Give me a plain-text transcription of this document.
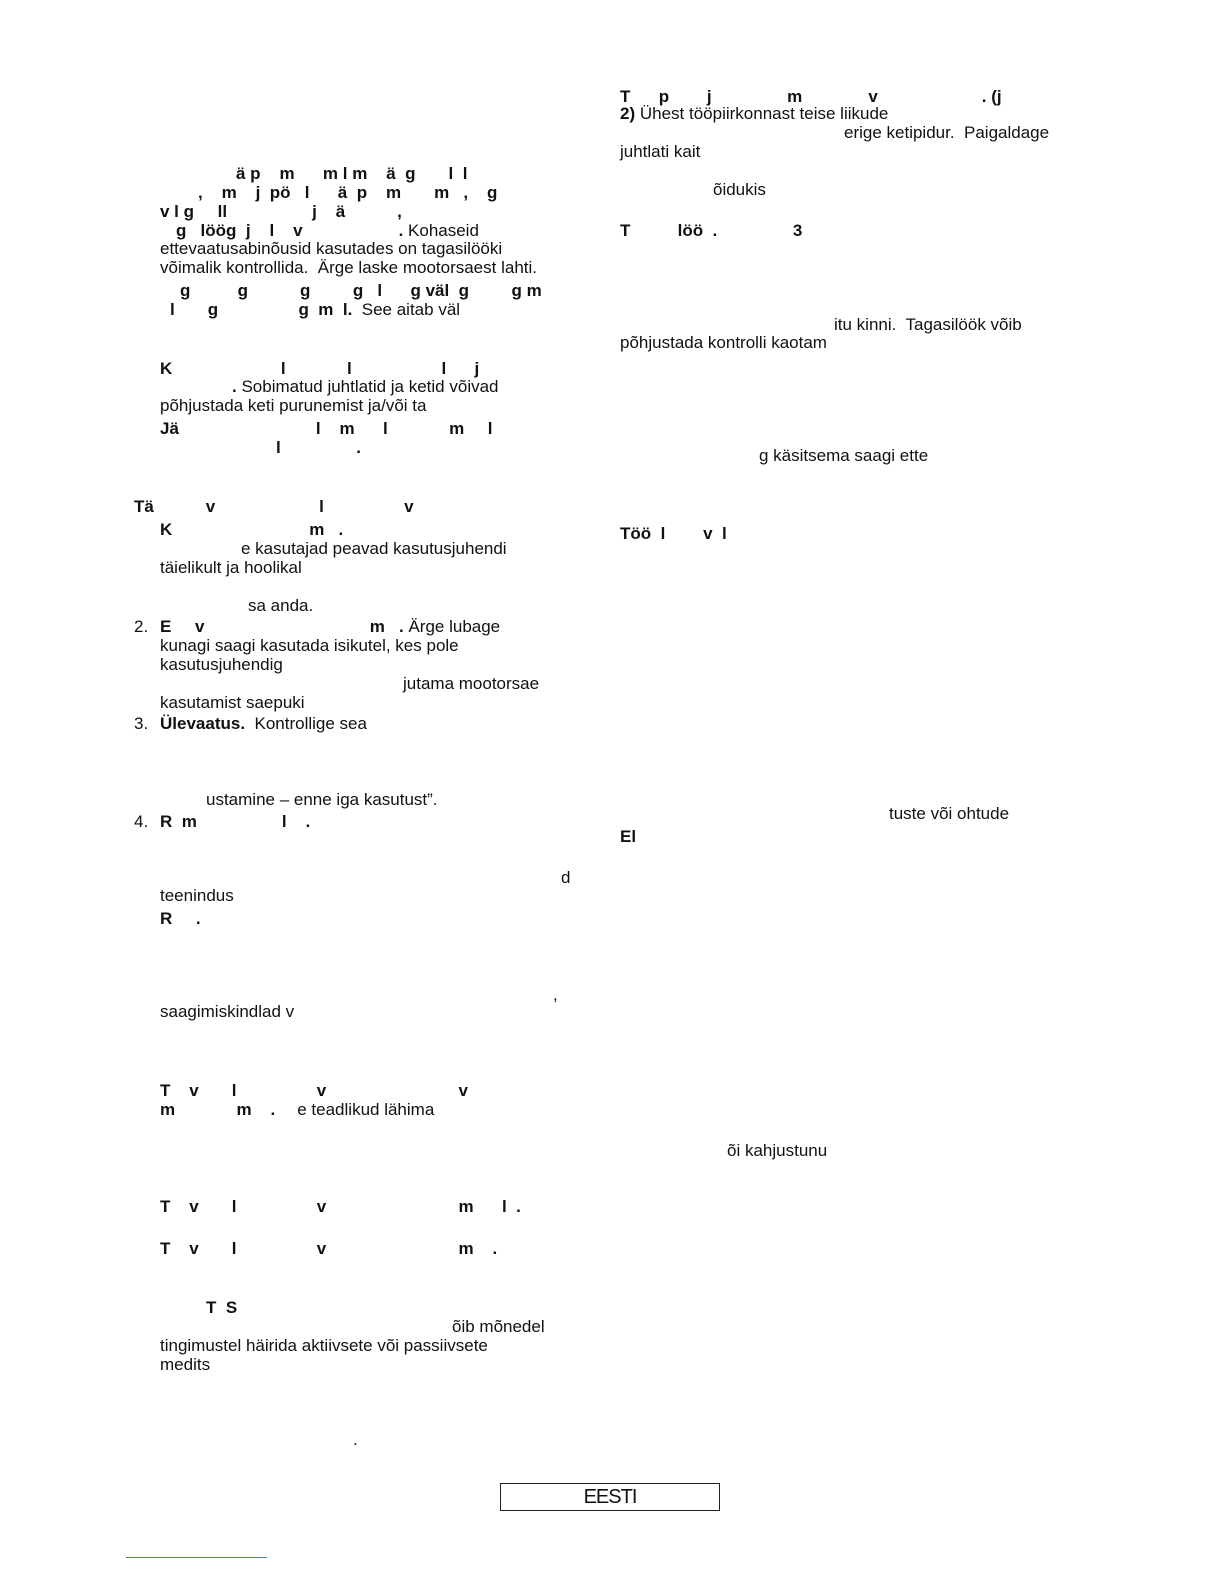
ä p    m      m l m    ä  g       l  l
,    m    j  pö   l      ä  p    m       m   ,    g
v l g     ll                  j    ä           ,
g   löög  j    l    v	. Kohaseid
ettevaatusabinõusid kasutades on tagasilööki
võimalik kontrollida.  Ärge laske mootorsaest lahti.
g          g           g         g   l      g väl  g         g m
l       g                 g  m  l.  See aitab väl
K                       l             l                   l      j
. Sobimatud juhtlatid ja ketid võivad
põhjustada keti purunemist ja/või ta
Jä                             l    m      l             m     l
l                .
Tä           v                      l                 v
K                             m   .
e kasutajad peavad kasutusjuhendi
täielikult ja hoolikal
sa anda.
2. E     v                                   m   . Ärge lubage
kunagi saagi kasutada isikutel, kes pole
kasutusjuhendig
jutama mootorsae
kasutamist saepuki
3. Ülevaatus.  Kontrollige sea
ustamine – enne iga kasutust”.
4. R  m                  l    .
d
teenindus
R     .
,
saagimiskindlad v
T    v       l                 v                            v
m             m    . e teadlikud lähima
T    v       l                 v                            m      l  .
T    v       l                 v                            m    .
T  S
õib mõnedel
tingimustel häirida aktiivsete või passiivsete
medits
.
T      p        j                m              v                      . (j
2) Ühest tööpiirkonnast teise liikude
erige ketipidur.  Paigaldage
juhtlati kait
õidukis
T          löö  .                3
itu kinni.  Tagasilöök võib
põhjustada kontrolli kaotam
g käsitsema saagi ette
Töö  l        v  l
tuste või ohtude
El
õi kahjustunu
EESTI
